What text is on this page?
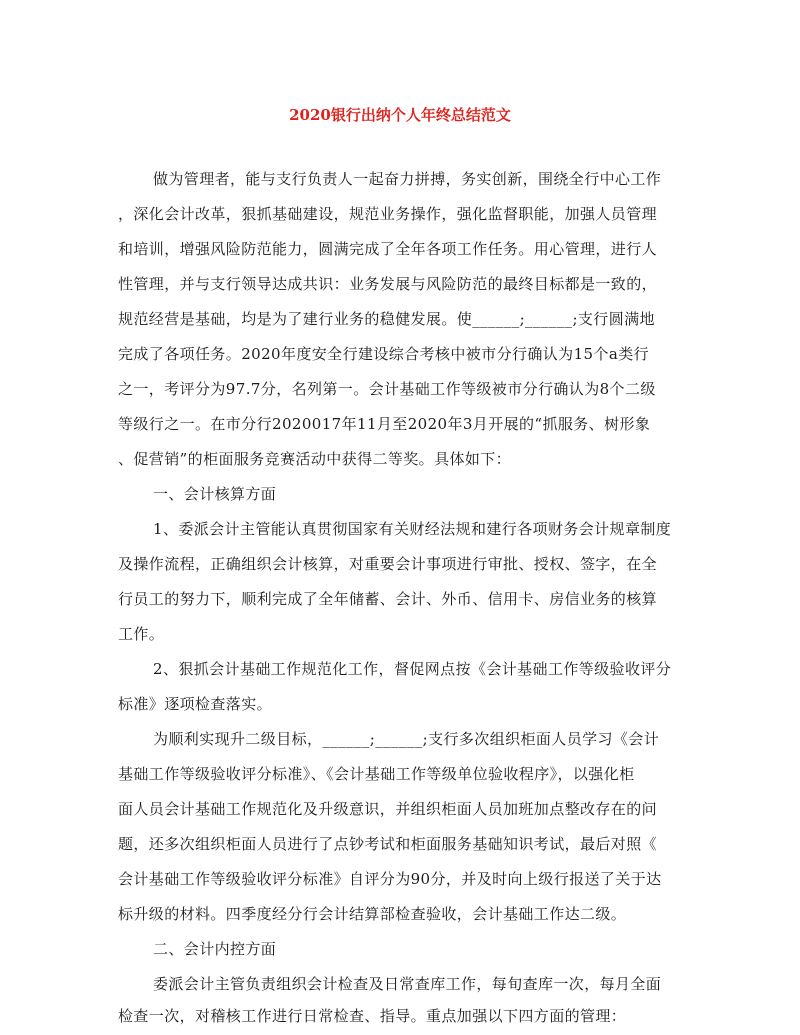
2020银行出纳个人年终总结范文
做为管理者，能与支行负责人一起奋力拼搏，务实创新，围绕全行中心工作
，深化会计改革，狠抓基础建设，规范业务操作，强化监督职能，加强人员管理
和培训，增强风险防范能力，圆满完成了全年各项工作任务。用心管理，进行人
性管理，并与支行领导达成共识：业务发展与风险防范的最终目标都是一致的，
规范经营是基础，均是为了建行业务的稳健发展。使______;______;支行圆满地
完成了各项任务。2020年度安全行建设综合考核中被市分行确认为15个a类行
之一，考评分为97.7分，名列第一。会计基础工作等级被市分行确认为8个二级
等级行之一。在市分行2020017年11月至2020年3月开展的“抓服务、树形象
、促营销”的柜面服务竞赛活动中获得二等奖。具体如下：
一、会计核算方面
1、委派会计主管能认真贯彻国家有关财经法规和建行各项财务会计规章制度
及操作流程，正确组织会计核算，对重要会计事项进行审批、授权、签字，在全
行员工的努力下，顺利完成了全年储蓄、会计、外币、信用卡、房信业务的核算
工作。
2、狠抓会计基础工作规范化工作，督促网点按《会计基础工作等级验收评分
标准》逐项检查落实。
为顺利实现升二级目标，______;______;支行多次组织柜面人员学习《会计
基础工作等级验收评分标准》、《会计基础工作等级单位验收程序》，以强化柜
面人员会计基础工作规范化及升级意识，并组织柜面人员加班加点整改存在的问
题，还多次组织柜面人员进行了点钞考试和柜面服务基础知识考试，最后对照《
会计基础工作等级验收评分标准》自评分为90分，并及时向上级行报送了关于达
标升级的材料。四季度经分行会计结算部检查验收，会计基础工作达二级。
二、会计内控方面
委派会计主管负责组织会计检查及日常查库工作，每旬查库一次，每月全面
检查一次，对稽核工作进行日常检查、指导。重点加强以下四方面的管理：
